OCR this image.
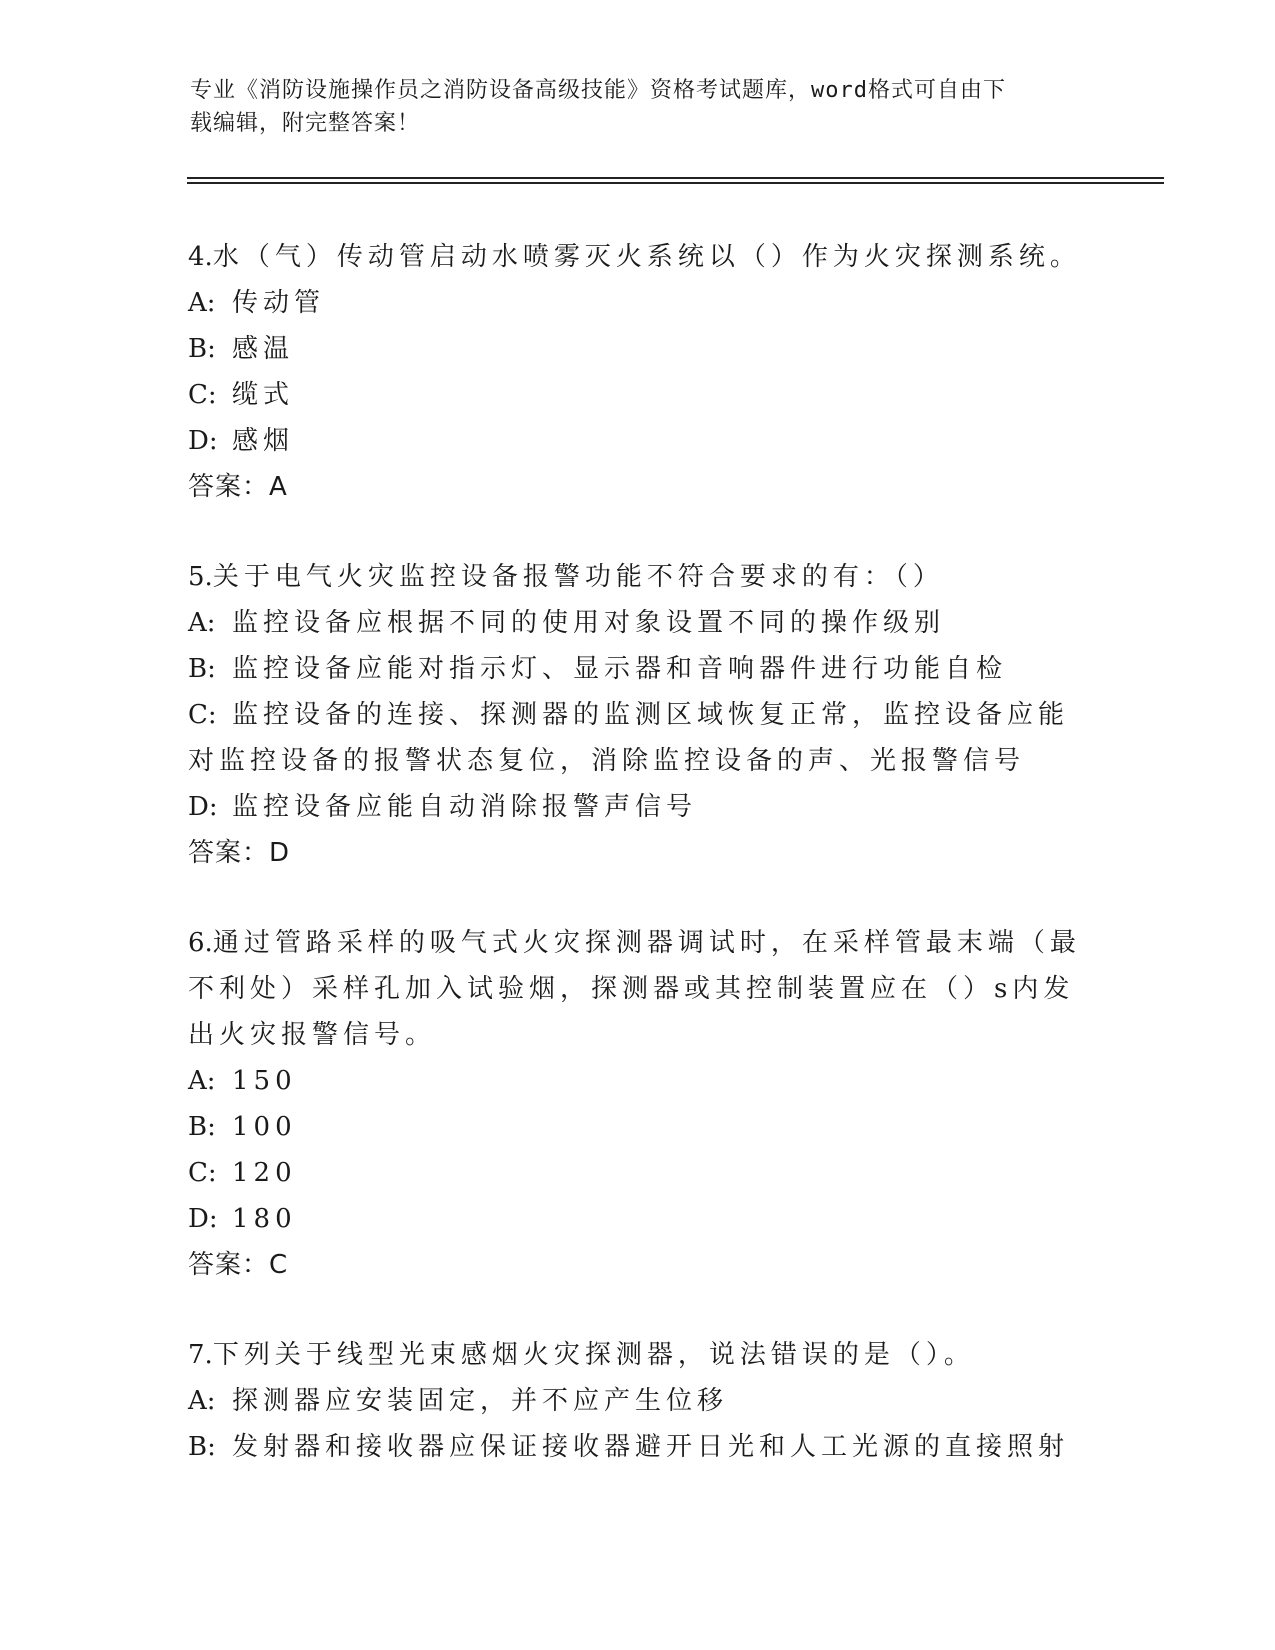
专业《消防设施操作员之消防设备高级技能》资格考试题库，word格式可自由下
载编辑，附完整答案！

4.水（气）传动管启动水喷雾灭火系统以（）作为火灾探测系统。

A: 传动管

B: 感温

C: 缆式

D: 感烟

答案：A

5.关于电气火灾监控设备报警功能不符合要求的有：（）

A: 监控设备应根据不同的使用对象设置不同的操作级别

B: 监控设备应能对指示灯、显示器和音响器件进行功能自检

C: 监控设备的连接、探测器的监测区域恢复正常，监控设备应能对监控设备的报警状态复位，消除监控设备的声、光报警信号

D: 监控设备应能自动消除报警声信号

答案：D

6.通过管路采样的吸气式火灾探测器调试时，在采样管最末端（最不利处）采样孔加入试验烟，探测器或其控制装置应在（）s内发出火灾报警信号。

A: 150

B: 100

C: 120

D: 180

答案：C

7.下列关于线型光束感烟火灾探测器，说法错误的是（）。

A: 探测器应安装固定，并不应产生位移

B: 发射器和接收器应保证接收器避开日光和人工光源的直接照射
